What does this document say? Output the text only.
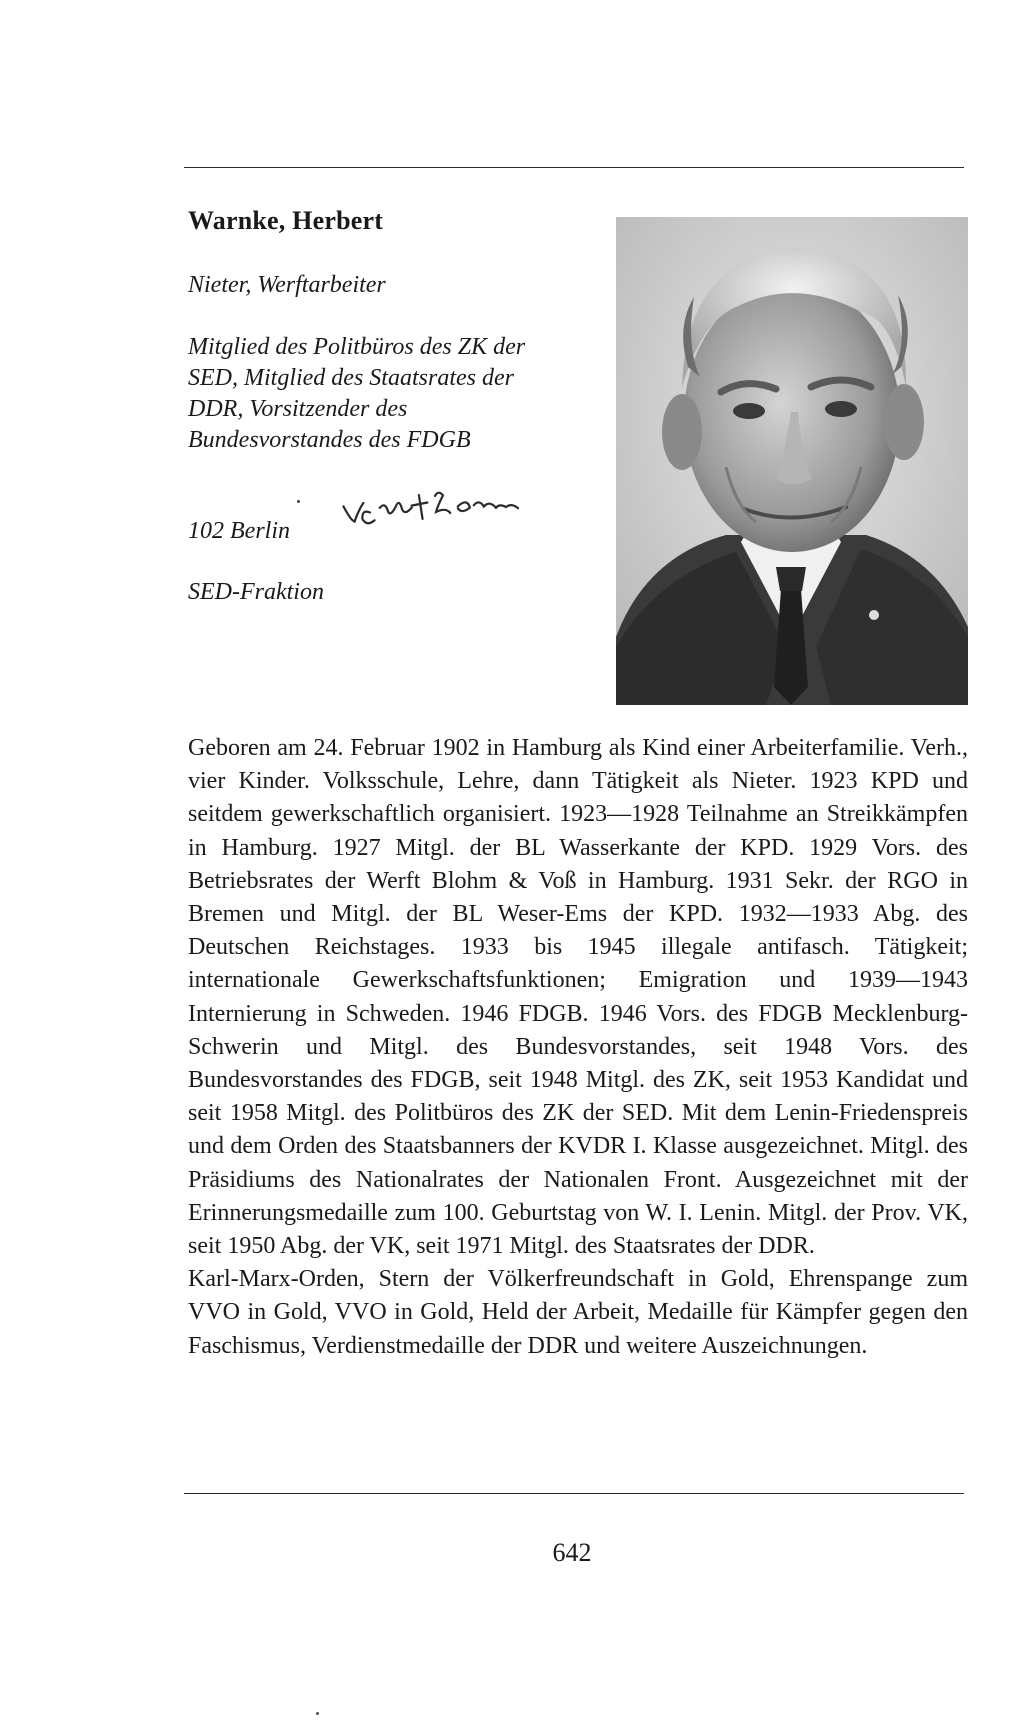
Warnke, Herbert
Nieter, Werftarbeiter
Mitglied des Politbüros des ZK der SED, Mitglied des Staatsrates der DDR, Vorsitzender des Bundesvorstandes des FDGB
102 Berlin
SED-Fraktion

Geboren am 24. Februar 1902 in Hamburg als Kind einer Arbeiterfamilie. Verh., vier Kinder. Volksschule, Lehre, dann Tätigkeit als Nieter. 1923 KPD und seitdem gewerkschaftlich organisiert. 1923—1928 Teilnahme an Streikkämpfen in Hamburg. 1927 Mitgl. der BL Wasserkante der KPD. 1929 Vors. des Betriebsrates der Werft Blohm & Voß in Hamburg. 1931 Sekr. der RGO in Bremen und Mitgl. der BL Weser-Ems der KPD. 1932—1933 Abg. des Deutschen Reichstages. 1933 bis 1945 illegale antifasch. Tätigkeit; internationale Gewerkschaftsfunktionen; Emigration und 1939—1943 Internierung in Schweden. 1946 FDGB. 1946 Vors. des FDGB Mecklenburg-Schwerin und Mitgl. des Bundesvorstandes, seit 1948 Vors. des Bundesvorstandes des FDGB, seit 1948 Mitgl. des ZK, seit 1953 Kandidat und seit 1958 Mitgl. des Politbüros des ZK der SED. Mit dem Lenin-Friedenspreis und dem Orden des Staatsbanners der KVDR I. Klasse ausgezeichnet. Mitgl. des Präsidiums des Nationalrates der Nationalen Front. Ausgezeichnet mit der Erinnerungsmedaille zum 100. Geburtstag von W. I. Lenin. Mitgl. der Prov. VK, seit 1950 Abg. der VK, seit 1971 Mitgl. des Staatsrates der DDR.

Karl-Marx-Orden, Stern der Völkerfreundschaft in Gold, Ehrenspange zum VVO in Gold, VVO in Gold, Held der Arbeit, Medaille für Kämpfer gegen den Faschismus, Verdienstmedaille der DDR und weitere Auszeichnungen.

642
